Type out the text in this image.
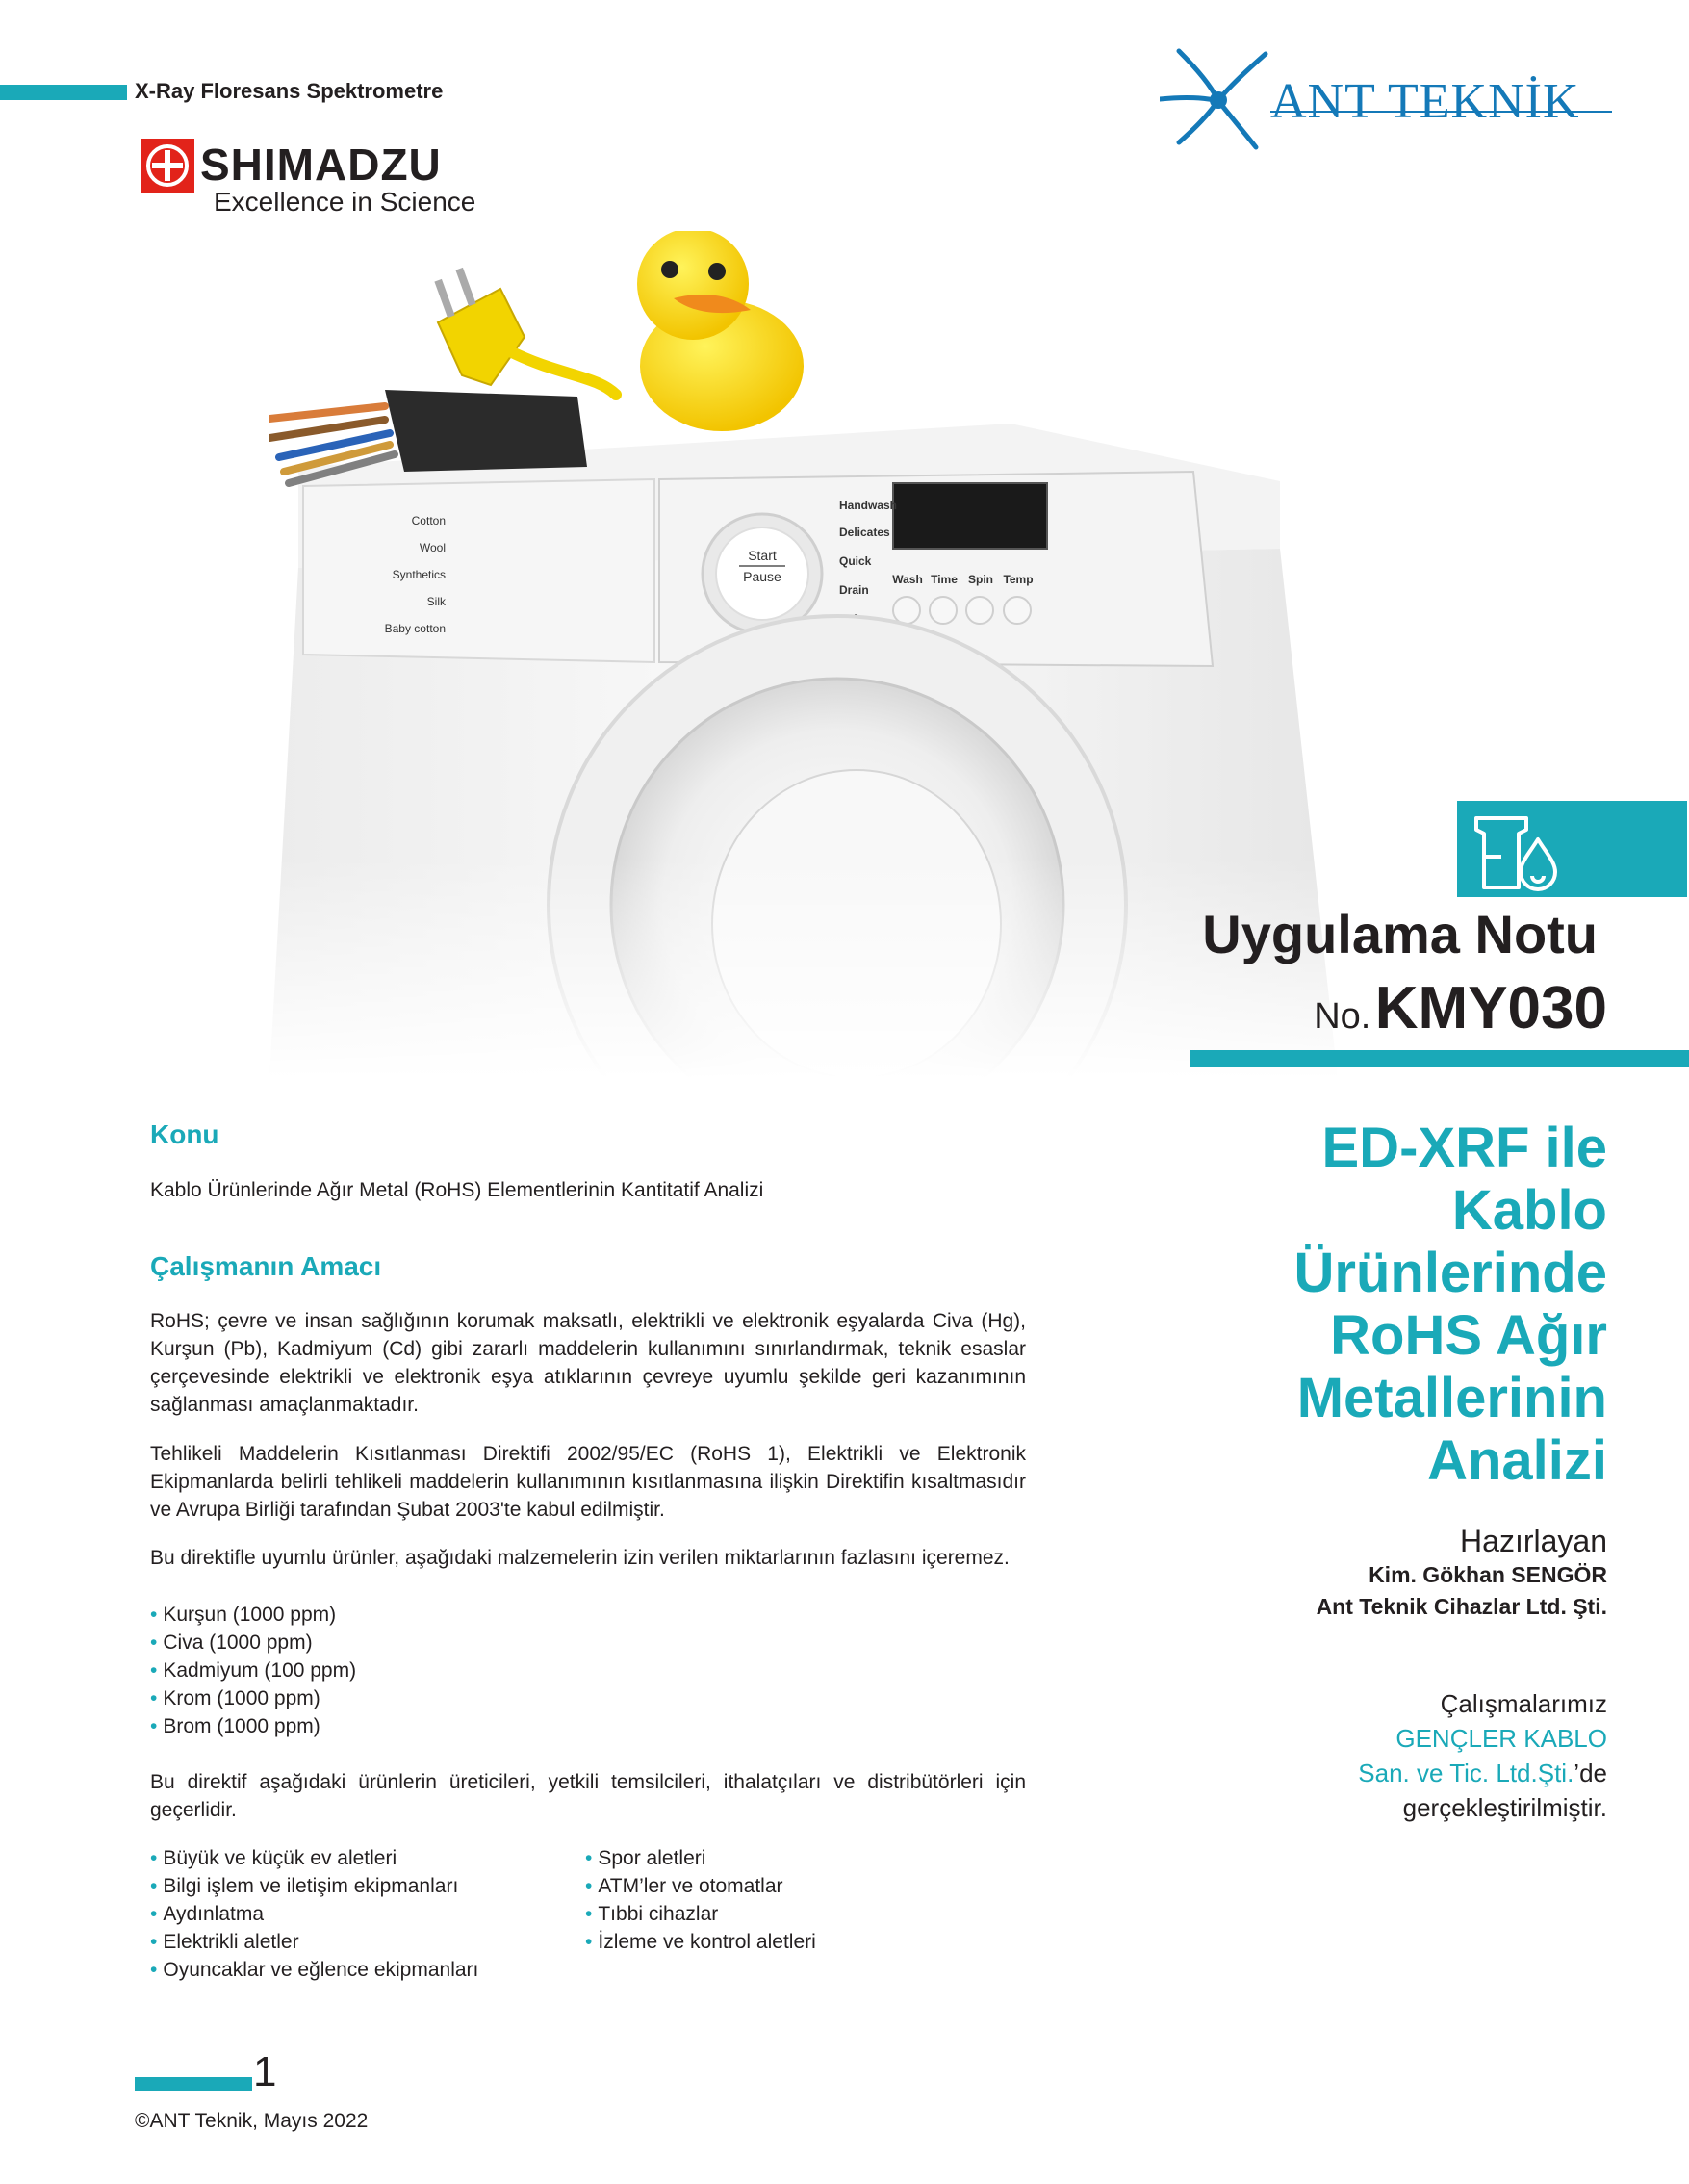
X-Ray Floresans Spektrometre
SHIMADZU
Excellence in Science
ANT TEKNİK
Start
Pause
Cotton
Wool
Synthetics
Silk
Baby cotton
Handwash
Delicates
Quick
Drain
Wash Time Spin Temp
Uygulama Notu
No. KMY030
ED-XRF ile
Kablo
Ürünlerinde
RoHS Ağır
Metallerinin
Analizi
Hazırlayan
Kim. Gökhan SENGÖR
Ant Teknik Cihazlar Ltd. Şti.
Çalışmalarımız
GENÇLER KABLO
San. ve Tic. Ltd.Şti.’de
gerçekleştirilmiştir.
Konu
Kablo Ürünlerinde Ağır Metal (RoHS) Elementlerinin Kantitatif Analizi
Çalışmanın Amacı
RoHS; çevre ve insan sağlığının korumak maksatlı, elektrikli ve elektronik eşyalarda Civa (Hg), Kurşun (Pb), Kadmiyum (Cd) gibi zararlı maddelerin kullanımını sınırlandırmak, teknik esaslar çerçevesinde elektrikli ve elektronik eşya atıklarının çevreye uyumlu şekilde geri kazanımının sağlanması amaçlanmaktadır.
Tehlikeli Maddelerin Kısıtlanması Direktifi 2002/95/EC (RoHS 1), Elektrikli ve Elektronik Ekipmanlarda belirli tehlikeli maddelerin kullanımının kısıtlanmasına ilişkin Direktifin kısaltmasıdır ve Avrupa Birliği tarafından Şubat 2003'te kabul edilmiştir.
Bu direktifle uyumlu ürünler, aşağıdaki malzemelerin izin verilen miktarlarının fazlasını içeremez.
• Kurşun (1000 ppm)
• Civa (1000 ppm)
• Kadmiyum (100 ppm)
• Krom (1000 ppm)
• Brom (1000 ppm)
Bu direktif aşağıdaki ürünlerin üreticileri, yetkili temsilcileri, ithalatçıları ve distribütörleri için geçerlidir.
• Büyük ve küçük ev aletleri
• Bilgi işlem ve iletişim ekipmanları
• Aydınlatma
• Elektrikli aletler
• Oyuncaklar ve eğlence ekipmanları
• Spor aletleri
• ATM’ler ve otomatlar
• Tıbbi cihazlar
• İzleme ve kontrol aletleri
1
©ANT Teknik, Mayıs 2022
